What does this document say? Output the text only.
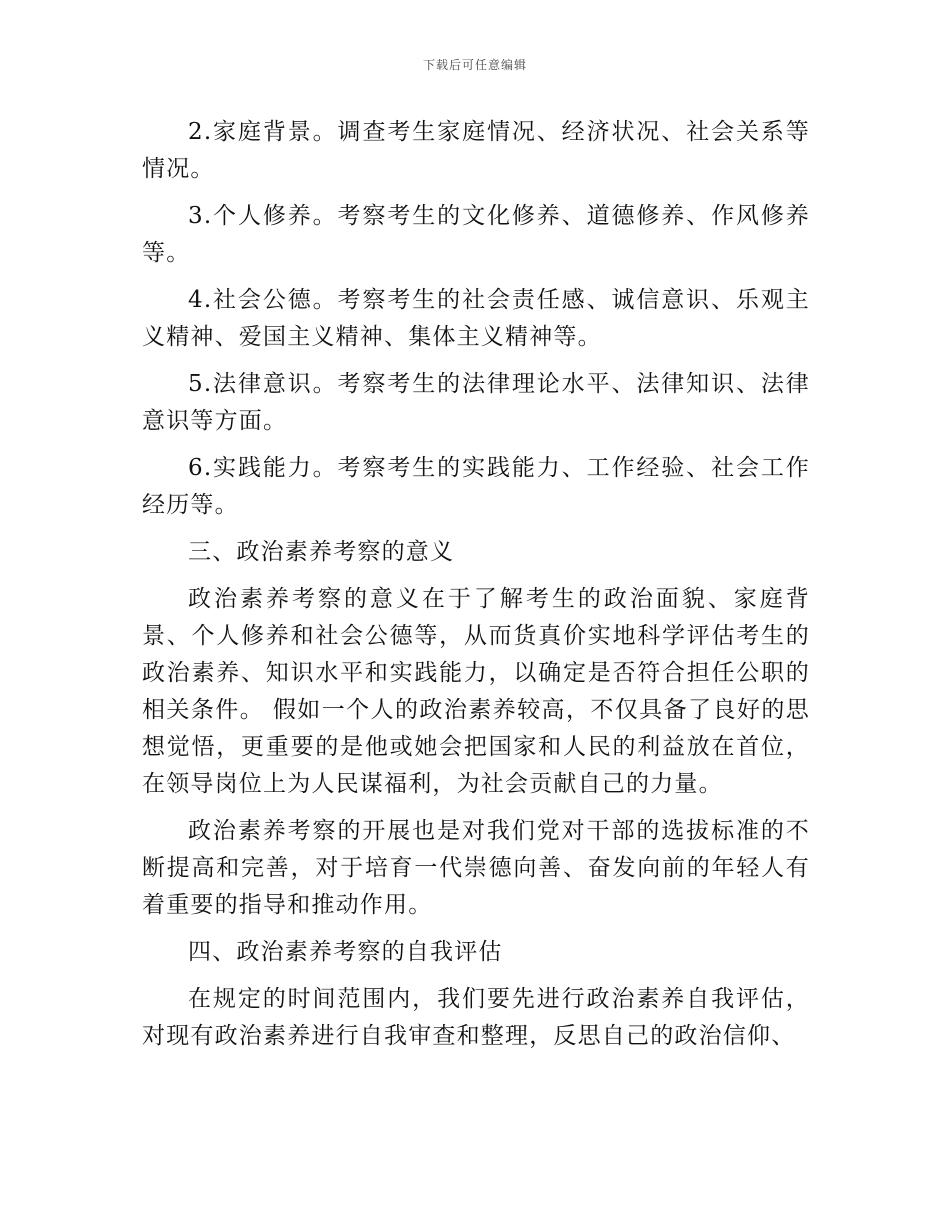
下载后可任意编辑

2.家庭背景。调查考生家庭情况、经济状况、社会关系等情况。

3.个人修养。考察考生的文化修养、道德修养、作风修养等。

4.社会公德。考察考生的社会责任感、诚信意识、乐观主义精神、爱国主义精神、集体主义精神等。

5.法律意识。考察考生的法律理论水平、法律知识、法律意识等方面。

6.实践能力。考察考生的实践能力、工作经验、社会工作经历等。

三、政治素养考察的意义

政治素养考察的意义在于了解考生的政治面貌、家庭背景、个人修养和社会公德等，从而货真价实地科学评估考生的政治素养、知识水平和实践能力，以确定是否符合担任公职的相关条件。 假如一个人的政治素养较高，不仅具备了良好的思想觉悟，更重要的是他或她会把国家和人民的利益放在首位，在领导岗位上为人民谋福利，为社会贡献自己的力量。

政治素养考察的开展也是对我们党对干部的选拔标准的不断提高和完善，对于培育一代崇德向善、奋发向前的年轻人有着重要的指导和推动作用。

四、政治素养考察的自我评估

在规定的时间范围内，我们要先进行政治素养自我评估，对现有政治素养进行自我审查和整理，反思自己的政治信仰、
